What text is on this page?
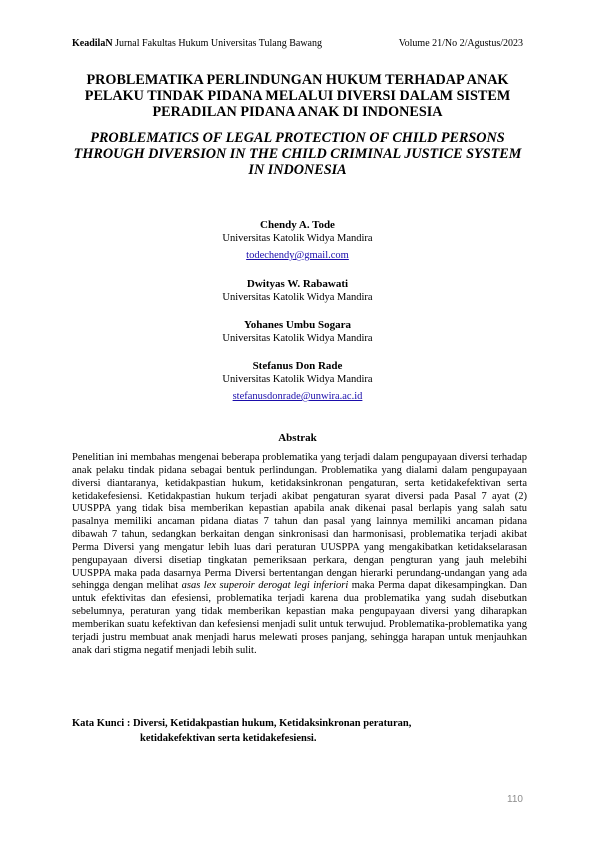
KeadilaN Jurnal Fakultas Hukum Universitas Tulang Bawang	Volume 21/No 2/Agustus/2023

PROBLEMATIKA PERLINDUNGAN HUKUM TERHADAP ANAK
PELAKU TINDAK PIDANA MELALUI DIVERSI DALAM SISTEM
PERADILAN PIDANA ANAK DI INDONESIA

PROBLEMATICS OF LEGAL PROTECTION OF CHILD PERSONS
THROUGH DIVERSION IN THE CHILD CRIMINAL JUSTICE SYSTEM
IN INDONESIA

Chendy A. Tode
Universitas Katolik Widya Mandira
todechendy@gmail.com
Dwityas W. Rabawati
Universitas Katolik Widya Mandira
Yohanes Umbu Sogara
Universitas Katolik Widya Mandira
Stefanus Don Rade
Universitas Katolik Widya Mandira
stefanusdonrade@unwira.ac.id
Abstrak

Penelitian ini membahas mengenai beberapa problematika yang terjadi dalam pengupayaan diversi terhadap anak pelaku tindak pidana sebagai bentuk perlindungan. Problematika yang dialami dalam pengupayaan diversi diantaranya, ketidakpastian hukum, ketidaksinkronan pengaturan, serta ketidakefektivan serta ketidakefesiensi. Ketidakpastian hukum terjadi akibat pengaturan syarat diversi pada Pasal 7 ayat (2) UUSPPA yang tidak bisa memberikan kepastian apabila anak dikenai pasal berlapis yang salah satu pasalnya memiliki ancaman pidana diatas 7 tahun dan pasal yang lainnya memiliki ancaman pidana dibawah 7 tahun, sedangkan berkaitan dengan sinkronisasi dan harmonisasi, problematika terjadi akibat Perma Diversi yang mengatur lebih luas dari peraturan UUSPPA yang mengakibatkan ketidakselarasan pengupayaan diversi disetiap tingkatan pemeriksaan perkara, dengan pengturan yang jauh melebihi UUSPPA maka pada dasarnya Perma Diversi bertentangan dengan hierarki perundang-undangan yang ada sehingga dengan melihat asas lex superoir derogat legi inferiori maka Perma dapat dikesampingkan. Dan untuk efektivitas dan efesiensi, problematika terjadi karena dua problematika yang sudah disebutkan sebelumnya, peraturan yang tidak memberikan kepastian maka pengupayaan diversi yang diharapkan memberikan suatu kefektivan dan kefesiensi menjadi sulit untuk terwujud. Problematika-problematika yang terjadi justru membuat anak menjadi harus melewati proses panjang, sehingga harapan untuk menjauhkan anak dari stigma negatif menjadi lebih sulit.

Kata Kunci : Diversi, Ketidakpastian hukum, Ketidaksinkronan peraturan,
ketidakefektivan serta ketidakefesiensi.
110
